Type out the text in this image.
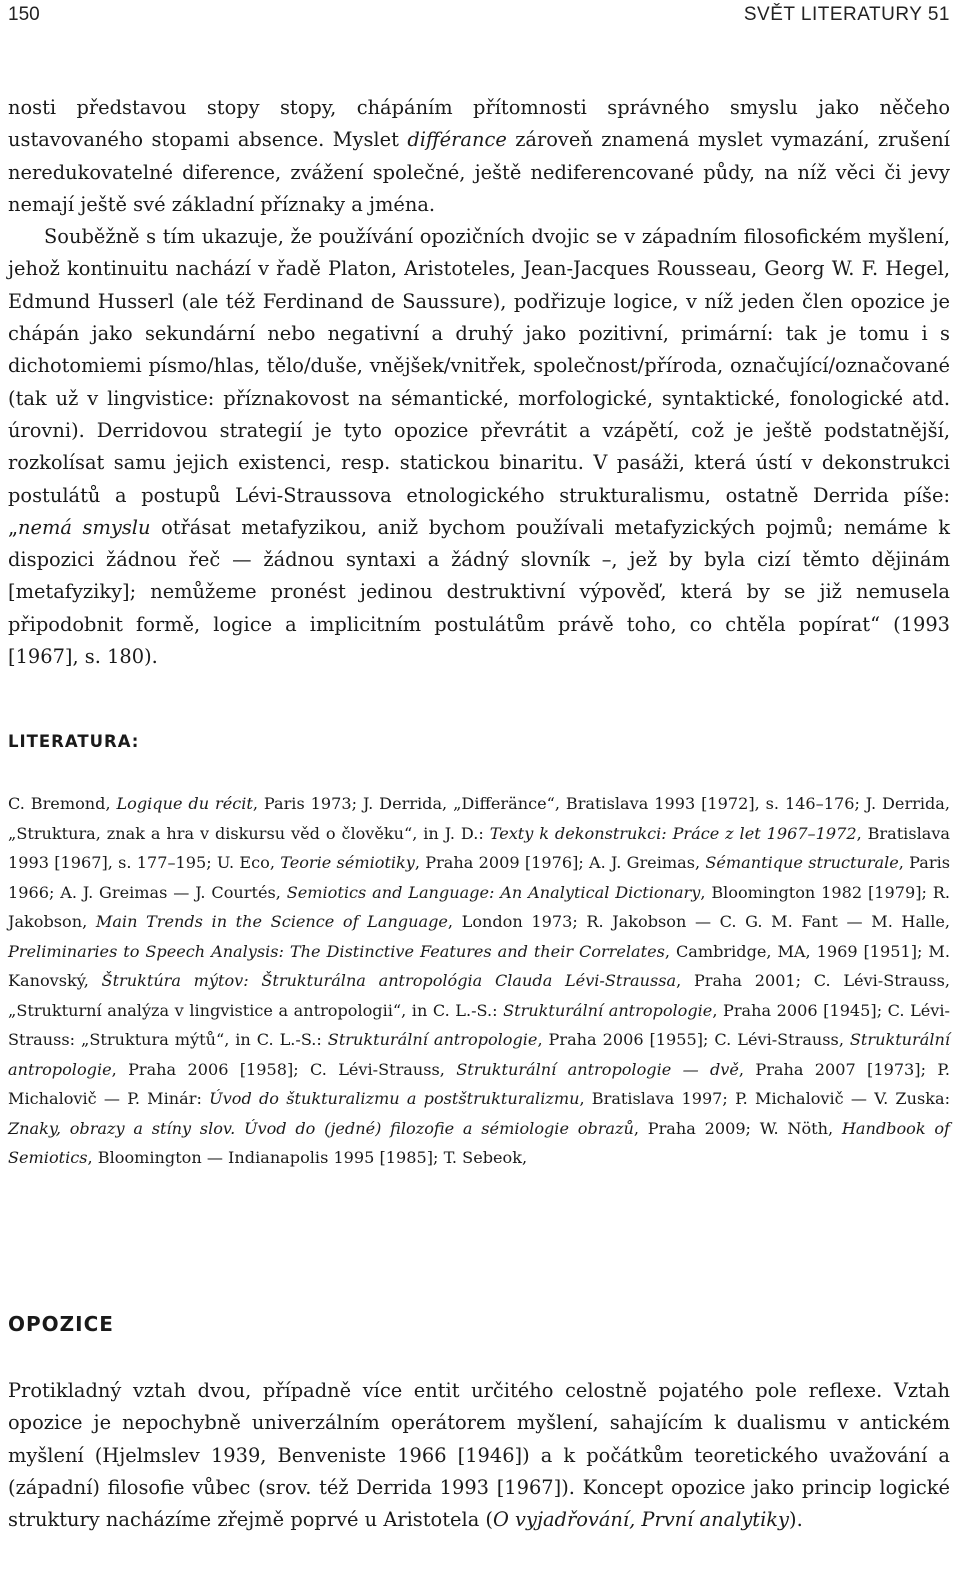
150	SVĚT LITERATURY 51

nosti představou stopy stopy, chápáním přítomnosti správného smyslu jako něčeho ustavovaného stopami absence. Myslet différance zároveň znamená myslet vymazání, zrušení neredukovatelné diference, zvážení společné, ještě nediferencované půdy, na níž věci či jevy nemají ještě své základní příznaky a jména.
Souběžně s tím ukazuje, že používání opozičních dvojic se v západním filosofickém myšlení, jehož kontinuitu nachází v řadě Platon, Aristoteles, Jean-Jacques Rousseau, Georg W. F. Hegel, Edmund Husserl (ale též Ferdinand de Saussure), podřizuje logice, v níž jeden člen opozice je chápán jako sekundární nebo negativní a druhý jako pozitivní, primární: tak je tomu i s dichotomiemi písmo/hlas, tělo/duše, vnějšek/vnitřek, společnost/příroda, označující/označované (tak už v lingvistice: příznakovost na sémantické, morfologické, syntaktické, fonologické atd. úrovni). Derridovou strategií je tyto opozice převrátit a vzápětí, což je ještě podstatnější, rozkolísat samu jejich existenci, resp. statickou binaritu. V pasáži, která ústí v dekonstrukci postulátů a postupů Lévi-Straussova etnologického strukturalismu, ostatně Derrida píše: „nemá smyslu otřásat metafyzikou, aniž bychom používali metafyzických pojmů; nemáme k dispozici žádnou řeč — žádnou syntaxi a žádný slovník –, jež by byla cizí těmto dějinám [metafyziky]; nemůžeme pronést jedinou destruktivní výpověď, která by se již nemusela připodobnit formě, logice a implicitním postulátům právě toho, co chtěla popírat“ (1993 [1967], s. 180).

LITERATURA:

C. Bremond, Logique du récit, Paris 1973; J. Derrida, „Differänce“, Bratislava 1993 [1972], s. 146–176; J. Derrida, „Struktura, znak a hra v diskursu věd o člověku“, in J. D.: Texty k dekonstrukci: Práce z let 1967–1972, Bratislava 1993 [1967], s. 177–195; U. Eco, Teorie sémiotiky, Praha 2009 [1976]; A. J. Greimas, Sémantique structurale, Paris 1966; A. J. Greimas — J. Courtés, Semiotics and Language: An Analytical Dictionary, Bloomington 1982 [1979]; R. Jakobson, Main Trends in the Science of Language, London 1973; R. Jakobson — C. G. M. Fant — M. Halle, Preliminaries to Speech Analysis: The Distinctive Features and their Correlates, Cambridge, MA, 1969 [1951]; M. Kanovský, Štruktúra mýtov: Štrukturálna antropológia Clauda Lévi-Straussa, Praha 2001; C. Lévi-Strauss, „Strukturní analýza v lingvistice a antropologii“, in C. L.-S.: Strukturální antropologie, Praha 2006 [1945]; C. Lévi-Strauss: „Struktura mýtů“, in C. L.-S.: Strukturální antropologie, Praha 2006 [1955]; C. Lévi-Strauss, Strukturální antropologie, Praha 2006 [1958]; C. Lévi-Strauss, Strukturální antropologie — dvě, Praha 2007 [1973]; P. Michalovič — P. Minár: Úvod do štukturalizmu a postštrukturalizmu, Bratislava 1997; P. Michalovič — V. Zuska: Znaky, obrazy a stíny slov. Úvod do (jedné) filozofie a sémiologie obrazů, Praha 2009; W. Nöth, Handbook of Semiotics, Bloomington — Indianapolis 1995 [1985]; T. Sebeok,

OPOZICE

Protikladný vztah dvou, případně více entit určitého celostně pojatého pole reflexe. Vztah opozice je nepochybně univerzálním operátorem myšlení, sahajícím k dualismu v antickém myšlení (Hjelmslev 1939, Benveniste 1966 [1946]) a k počátkům teoretického uvažování a (západní) filosofie vůbec (srov. též Derrida 1993 [1967]). Koncept opozice jako princip logické struktury nacházíme zřejmě poprvé u Aristotela (O vyjadřování, První analytiky).
